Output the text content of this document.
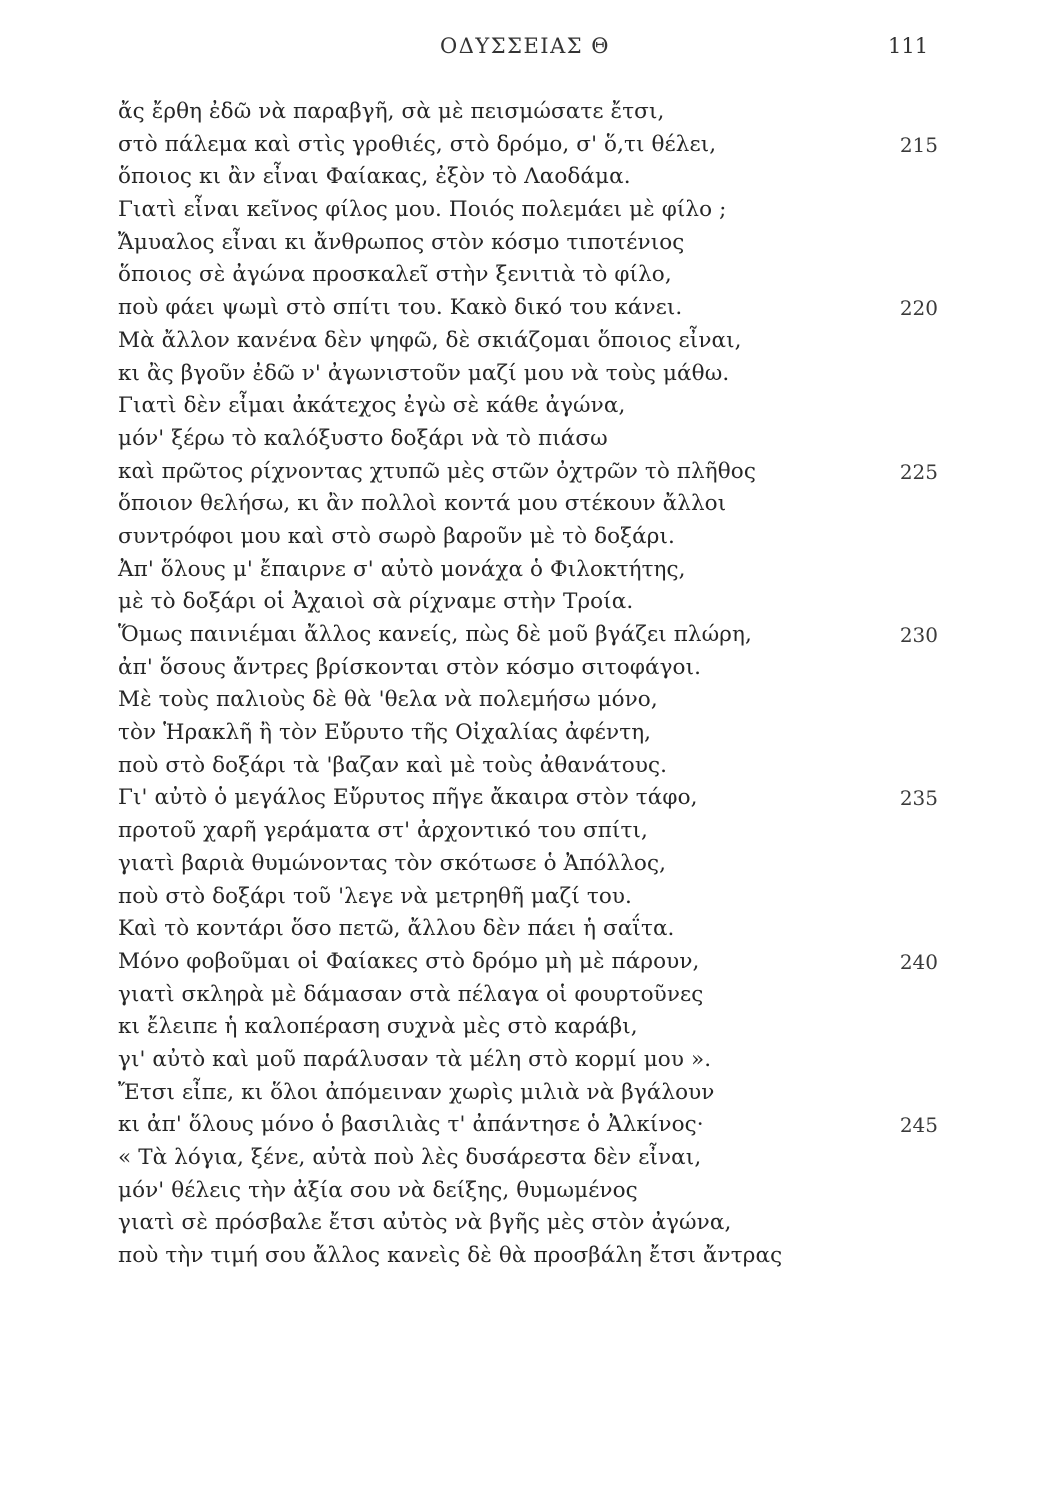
ΟΔΥΣΣΕΙΑΣ Θ	111
ἄς ἔρθη ἐδῶ νὰ παραβγῆ, σὰ μὲ πεισμώσατε ἔτσι,
στὸ πάλεμα καὶ στὶς γροθιές, στὸ δρόμο, σ' ὅ,τι θέλει,	215
ὅποιος κι ἂν εἶναι Φαίακας, ἐξὸν τὸ Λαοδάμα.
Γιατὶ εἶναι κεῖνος φίλος μου. Ποιός πολεμάει μὲ φίλο ;
Ἄμυαλος εἶναι κι ἄνθρωπος στὸν κόσμο τιποτένιος
ὅποιος σὲ ἀγώνα προσκαλεῖ στὴν ξενιτιὰ τὸ φίλο,
ποὺ φάει ψωμὶ στὸ σπίτι του. Κακὸ δικό του κάνει.	220
Μὰ ἄλλον κανένα δὲν ψηφῶ, δὲ σκιάζομαι ὅποιος εἶναι,
κι ἂς βγοῦν ἐδῶ ν' ἀγωνιστοῦν μαζί μου νὰ τοὺς μάθω.
Γιατὶ δὲν εἶμαι ἀκάτεχος ἐγὼ σὲ κάθε ἀγώνα,
μόν' ξέρω τὸ καλόξυστο δοξάρι νὰ τὸ πιάσω
καὶ πρῶτος ρίχνοντας χτυπῶ μὲς στῶν ὀχτρῶν τὸ πλῆθος	225
ὅποιον θελήσω, κι ἂν πολλοὶ κοντά μου στέκουν ἄλλοι
συντρόφοι μου καὶ στὸ σωρὸ βαροῦν μὲ τὸ δοξάρι.
Ἀπ' ὅλους μ' ἔπαιρνε σ' αὐτὸ μονάχα ὁ Φιλοκτήτης,
μὲ τὸ δοξάρι οἱ Ἀχαιοὶ σὰ ρίχναμε στὴν Τροία.
Ὅμως παινιέμαι ἄλλος κανείς, πὼς δὲ μοῦ βγάζει πλώρη,	230
ἀπ' ὅσους ἄντρες βρίσκονται στὸν κόσμο σιτοφάγοι.
Μὲ τοὺς παλιοὺς δὲ θὰ 'θελα νὰ πολεμήσω μόνο,
τὸν Ἡρακλῆ ἢ τὸν Εὔρυτο τῆς Οἰχαλίας ἀφέντη,
ποὺ στὸ δοξάρι τὰ 'βαζαν καὶ μὲ τοὺς ἀθανάτους.
Γι' αὐτὸ ὁ μεγάλος Εὔρυτος πῆγε ἄκαιρα στὸν τάφο,	235
προτοῦ χαρῆ γεράματα στ' ἀρχοντικό του σπίτι,
γιατὶ βαριὰ θυμώνοντας τὸν σκότωσε ὁ Ἀπόλλος,
ποὺ στὸ δοξάρι τοῦ 'λεγε νὰ μετρηθῆ μαζί του.
Καὶ τὸ κοντάρι ὅσο πετῶ, ἄλλου δὲν πάει ἡ σαΐτα.
Μόνο φοβοῦμαι οἱ Φαίακες στὸ δρόμο μὴ μὲ πάρουν,	240
γιατὶ σκληρὰ μὲ δάμασαν στὰ πέλαγα οἱ φουρτοῦνες
κι ἔλειπε ἡ καλοπέραση συχνὰ μὲς στὸ καράβι,
γι' αὐτὸ καὶ μοῦ παράλυσαν τὰ μέλη στὸ κορμί μου ».
Ἔτσι εἶπε, κι ὅλοι ἀπόμειναν χωρὶς μιλιὰ νὰ βγάλουν
κι ἀπ' ὅλους μόνο ὁ βασιλιὰς τ' ἀπάντησε ὁ Ἀλκίνος·	245
« Τὰ λόγια, ξένε, αὐτὰ ποὺ λὲς δυσάρεστα δὲν εἶναι,
μόν' θέλεις τὴν ἀξία σου νὰ δείξης, θυμωμένος
γιατὶ σὲ πρόσβαλε ἔτσι αὐτὸς νὰ βγῆς μὲς στὸν ἀγώνα,
ποὺ τὴν τιμή σου ἄλλος κανεὶς δὲ θὰ προσβάλη ἔτσι ἄντρας
